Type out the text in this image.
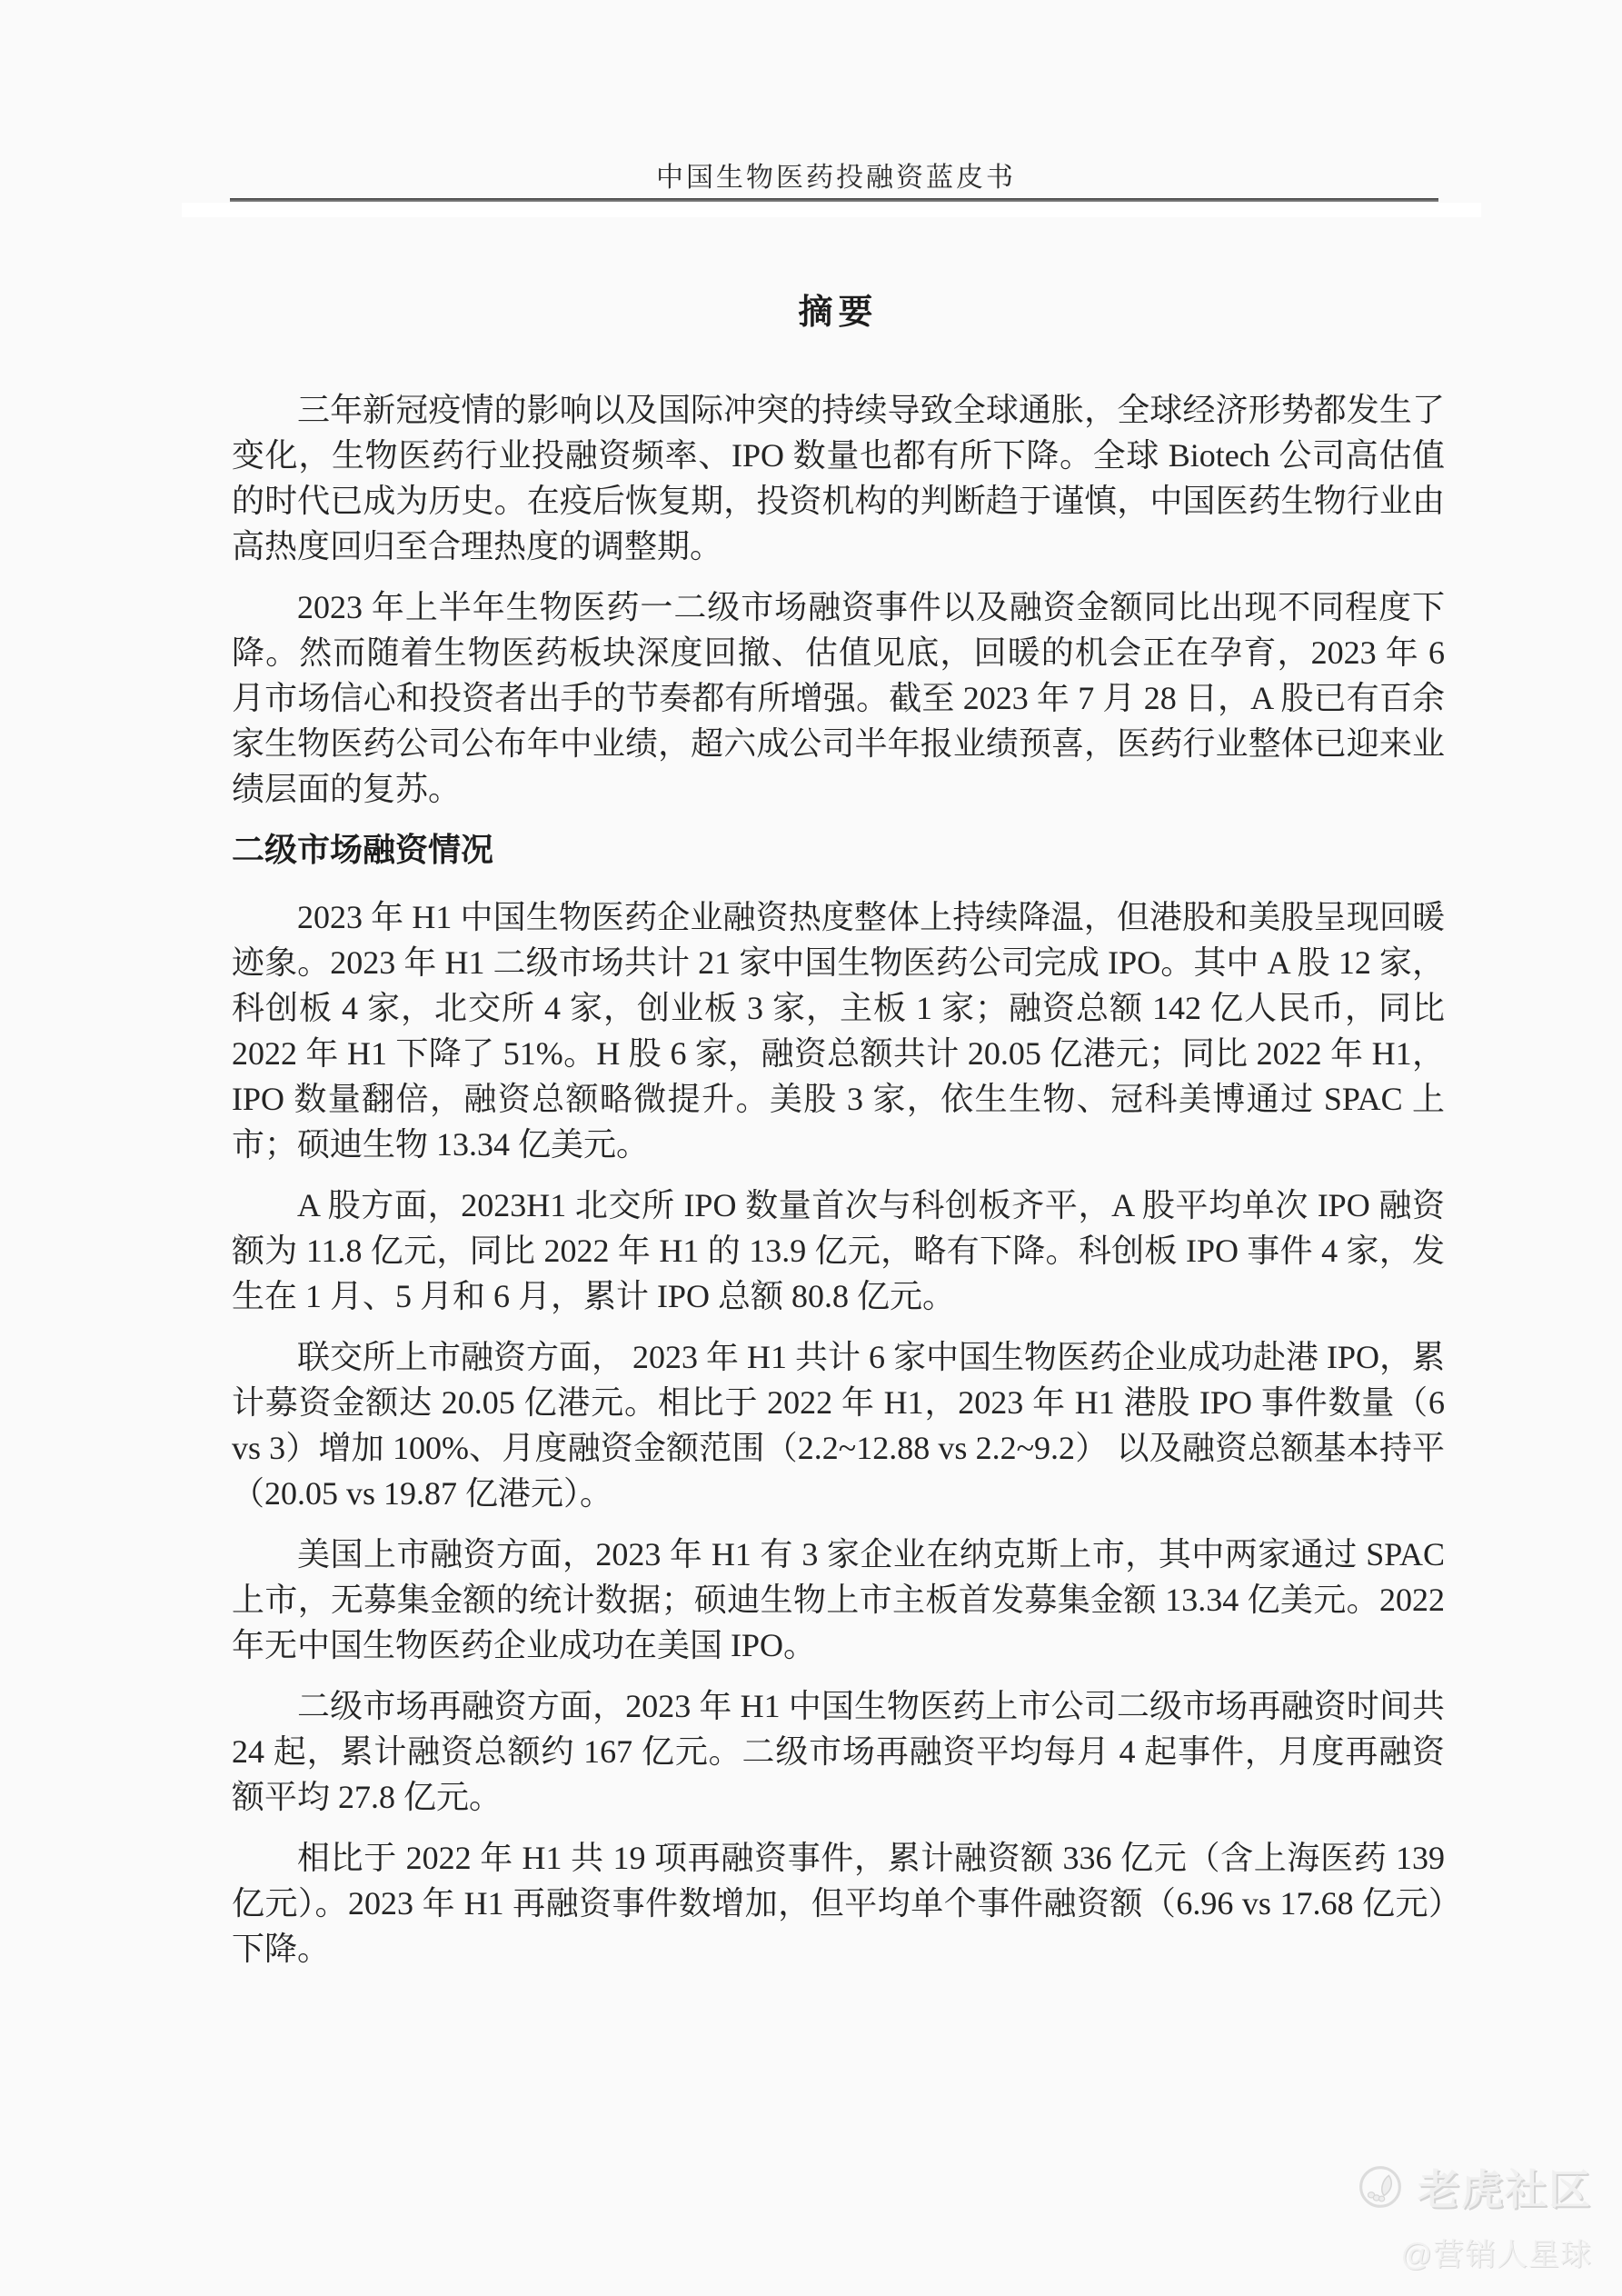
中国生物医药投融资蓝皮书
摘要

三年新冠疫情的影响以及国际冲突的持续导致全球通胀，全球经济形势都发生了变化，生物医药行业投融资频率、IPO 数量也都有所下降。全球 Biotech 公司高估值的时代已成为历史。在疫后恢复期，投资机构的判断趋于谨慎，中国医药生物行业由高热度回归至合理热度的调整期。

2023 年上半年生物医药一二级市场融资事件以及融资金额同比出现不同程度下降。然而随着生物医药板块深度回撤、估值见底，回暖的机会正在孕育，2023 年 6 月市场信心和投资者出手的节奏都有所增强。截至 2023 年 7 月 28 日，A 股已有百余家生物医药公司公布年中业绩，超六成公司半年报业绩预喜，医药行业整体已迎来业绩层面的复苏。

二级市场融资情况

2023 年 H1 中国生物医药企业融资热度整体上持续降温，但港股和美股呈现回暖迹象。2023 年 H1 二级市场共计 21 家中国生物医药公司完成 IPO。其中 A 股 12 家，科创板 4 家，北交所 4 家，创业板 3 家，主板 1 家；融资总额 142 亿人民币，同比 2022 年 H1 下降了 51%。H 股 6 家，融资总额共计 20.05 亿港元；同比 2022 年 H1，IPO 数量翻倍，融资总额略微提升。美股 3 家，依生生物、冠科美博通过 SPAC 上市；硕迪生物 13.34 亿美元。

A 股方面，2023H1 北交所 IPO 数量首次与科创板齐平，A 股平均单次 IPO 融资额为 11.8 亿元，同比 2022 年 H1 的 13.9 亿元，略有下降。科创板 IPO 事件 4 家，发生在 1 月、5 月和 6 月，累计 IPO 总额 80.8 亿元。

联交所上市融资方面， 2023 年 H1 共计 6 家中国生物医药企业成功赴港 IPO，累计募资金额达 20.05 亿港元。相比于 2022 年 H1，2023 年 H1 港股 IPO 事件数量（6 vs 3）增加 100%、月度融资金额范围（2.2~12.88 vs 2.2~9.2） 以及融资总额基本持平（20.05 vs 19.87 亿港元）。

美国上市融资方面，2023 年 H1 有 3 家企业在纳克斯上市，其中两家通过 SPAC 上市，无募集金额的统计数据；硕迪生物上市主板首发募集金额 13.34 亿美元。2022 年无中国生物医药企业成功在美国 IPO。

二级市场再融资方面，2023 年 H1 中国生物医药上市公司二级市场再融资时间共 24 起，累计融资总额约 167 亿元。二级市场再融资平均每月 4 起事件，月度再融资额平均 27.8 亿元。

相比于 2022 年 H1 共 19 项再融资事件，累计融资额 336 亿元（含上海医药 139 亿元）。2023 年 H1 再融资事件数增加，但平均单个事件融资额（6.96 vs 17.68 亿元）下降。

老虎社区
@营销人星球
